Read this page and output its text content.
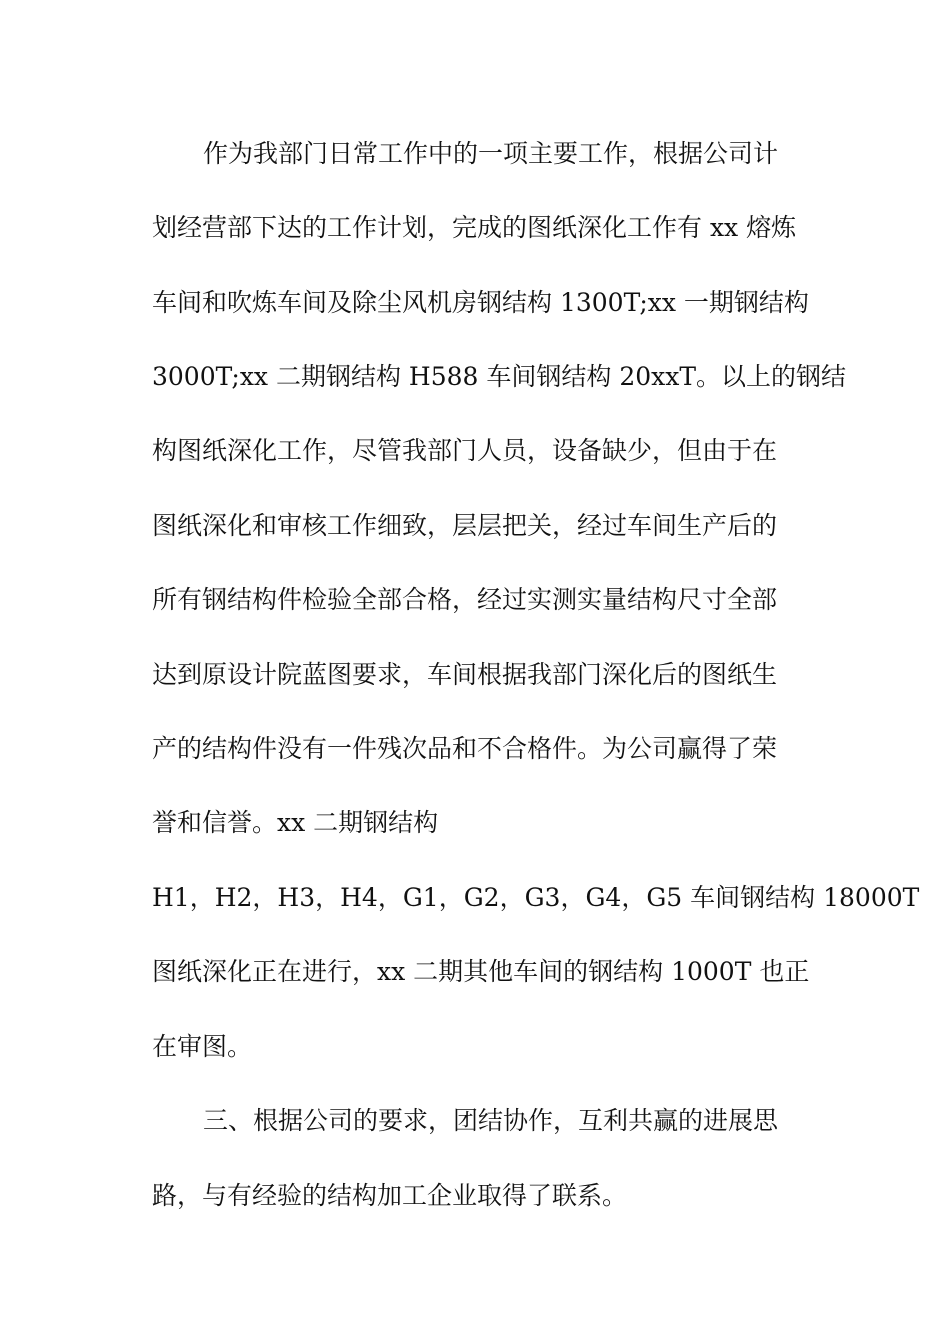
作为我部门日常工作中的一项主要工作，根据公司计
划经营部下达的工作计划，完成的图纸深化工作有 xx 熔炼
车间和吹炼车间及除尘风机房钢结构 1300T;xx 一期钢结构
3000T;xx 二期钢结构 H588 车间钢结构 20xxT。以上的钢结
构图纸深化工作，尽管我部门人员，设备缺少，但由于在
图纸深化和审核工作细致，层层把关，经过车间生产后的
所有钢结构件检验全部合格，经过实测实量结构尺寸全部
达到原设计院蓝图要求，车间根据我部门深化后的图纸生
产的结构件没有一件残次品和不合格件。为公司赢得了荣
誉和信誉。xx 二期钢结构
H1，H2，H3，H4，G1，G2，G3，G4，G5 车间钢结构 18000T
图纸深化正在进行，xx 二期其他车间的钢结构 1000T 也正
在审图。
三、根据公司的要求，团结协作，互利共赢的进展思
路，与有经验的结构加工企业取得了联系。
